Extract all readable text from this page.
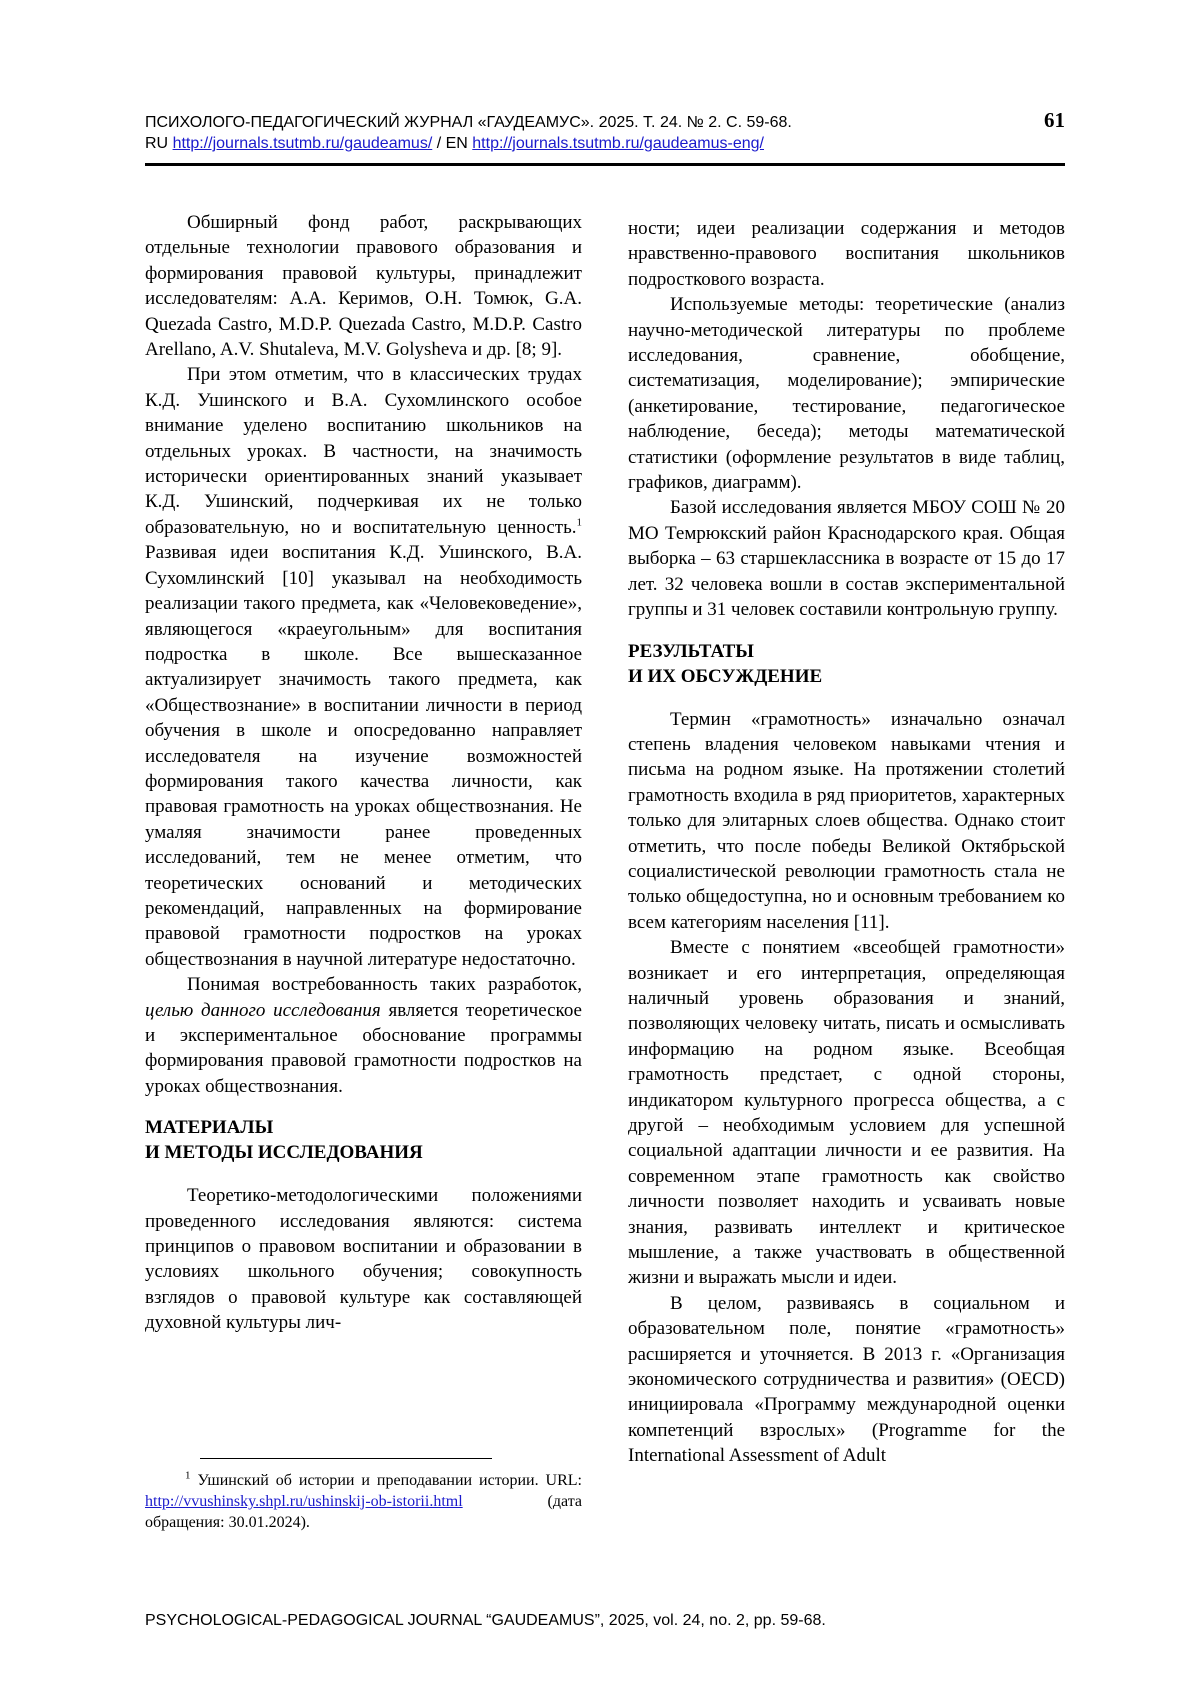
ПСИХОЛОГО-ПЕДАГОГИЧЕСКИЙ ЖУРНАЛ «ГАУДЕАМУС». 2025. Т. 24. № 2. С. 59-68.
RU http://journals.tsutmb.ru/gaudeamus/ / EN http://journals.tsutmb.ru/gaudeamus-eng/
61

Обширный фонд работ, раскрывающих отдельные технологии правового образования и формирования правовой культуры, принадлежит исследователям: А.А. Керимов, О.Н. Томюк, G.A. Quezada Castro, M.D.P. Quezada Castro, M.D.P. Castro Arellano, A.V. Shutaleva, M.V. Golysheva и др. [8; 9].

При этом отметим, что в классических трудах К.Д. Ушинского и В.А. Сухомлинского особое внимание уделено воспитанию школьников на отдельных уроках. В частности, на значимость исторически ориентированных знаний указывает К.Д. Ушинский, подчеркивая их не только образовательную, но и воспитательную ценность.$^1$ Развивая идеи воспитания К.Д. Ушинского, В.А. Сухомлинский [10] указывал на необходимость реализации такого предмета, как «Человековедение», являющегося «краеугольным» для воспитания подростка в школе. Все вышесказанное актуализирует значимость такого предмета, как «Обществознание» в воспитании личности в период обучения в школе и опосредованно направляет исследователя на изучение возможностей формирования такого качества личности, как правовая грамотность на уроках обществознания. Не умаляя значимости ранее проведенных исследований, тем не менее отметим, что теоретических оснований и методических рекомендаций, направленных на формирование правовой грамотности подростков на уроках обществознания в научной литературе недостаточно.

Понимая востребованность таких разработок, целью данного исследования является теоретическое и экспериментальное обоснование программы формирования правовой грамотности подростков на уроках обществознания.

МАТЕРИАЛЫ
И МЕТОДЫ ИССЛЕДОВАНИЯ

Теоретико-методологическими положениями проведенного исследования являются: система принципов о правовом воспитании и образовании в условиях школьного обучения; совокупность взглядов о правовой культуре как составляющей духовной культуры лич-

ности; идеи реализации содержания и методов нравственно-правового воспитания школьников подросткового возраста.

Используемые методы: теоретические (анализ научно-методической литературы по проблеме исследования, сравнение, обобщение, систематизация, моделирование); эмпирические (анкетирование, тестирование, педагогическое наблюдение, беседа); методы математической статистики (оформление результатов в виде таблиц, графиков, диаграмм).

Базой исследования является МБОУ СОШ № 20 МО Темрюкский район Краснодарского края. Общая выборка – 63 старшеклассника в возрасте от 15 до 17 лет. 32 человека вошли в состав экспериментальной группы и 31 человек составили контрольную группу.

РЕЗУЛЬТАТЫ
И ИХ ОБСУЖДЕНИЕ

Термин «грамотность» изначально означал степень владения человеком навыками чтения и письма на родном языке. На протяжении столетий грамотность входила в ряд приоритетов, характерных только для элитарных слоев общества. Однако стоит отметить, что после победы Великой Октябрьской социалистической революции грамотность стала не только общедоступна, но и основным требованием ко всем категориям населения [11].

Вместе с понятием «всеобщей грамотности» возникает и его интерпретация, определяющая наличный уровень образования и знаний, позволяющих человеку читать, писать и осмысливать информацию на родном языке. Всеобщая грамотность предстает, с одной стороны, индикатором культурного прогресса общества, а с другой – необходимым условием для успешной социальной адаптации личности и ее развития. На современном этапе грамотность как свойство личности позволяет находить и усваивать новые знания, развивать интеллект и критическое мышление, а также участвовать в общественной жизни и выражать мысли и идеи.

В целом, развиваясь в социальном и образовательном поле, понятие «грамотность» расширяется и уточняется. В 2013 г. «Организация экономического сотрудничества и развития» (OECD) инициировала «Программу международной оценки компетенций взрослых» (Programme for the International Assessment of Adult

$^1$ Ушинский об истории и преподавании истории. URL: http://vvushinsky.shpl.ru/ushinskij-ob-istorii.html (дата обращения: 30.01.2024).

PSYCHOLOGICAL-PEDAGOGICAL JOURNAL “GAUDEAMUS”, 2025, vol. 24, no. 2, pp. 59-68.
